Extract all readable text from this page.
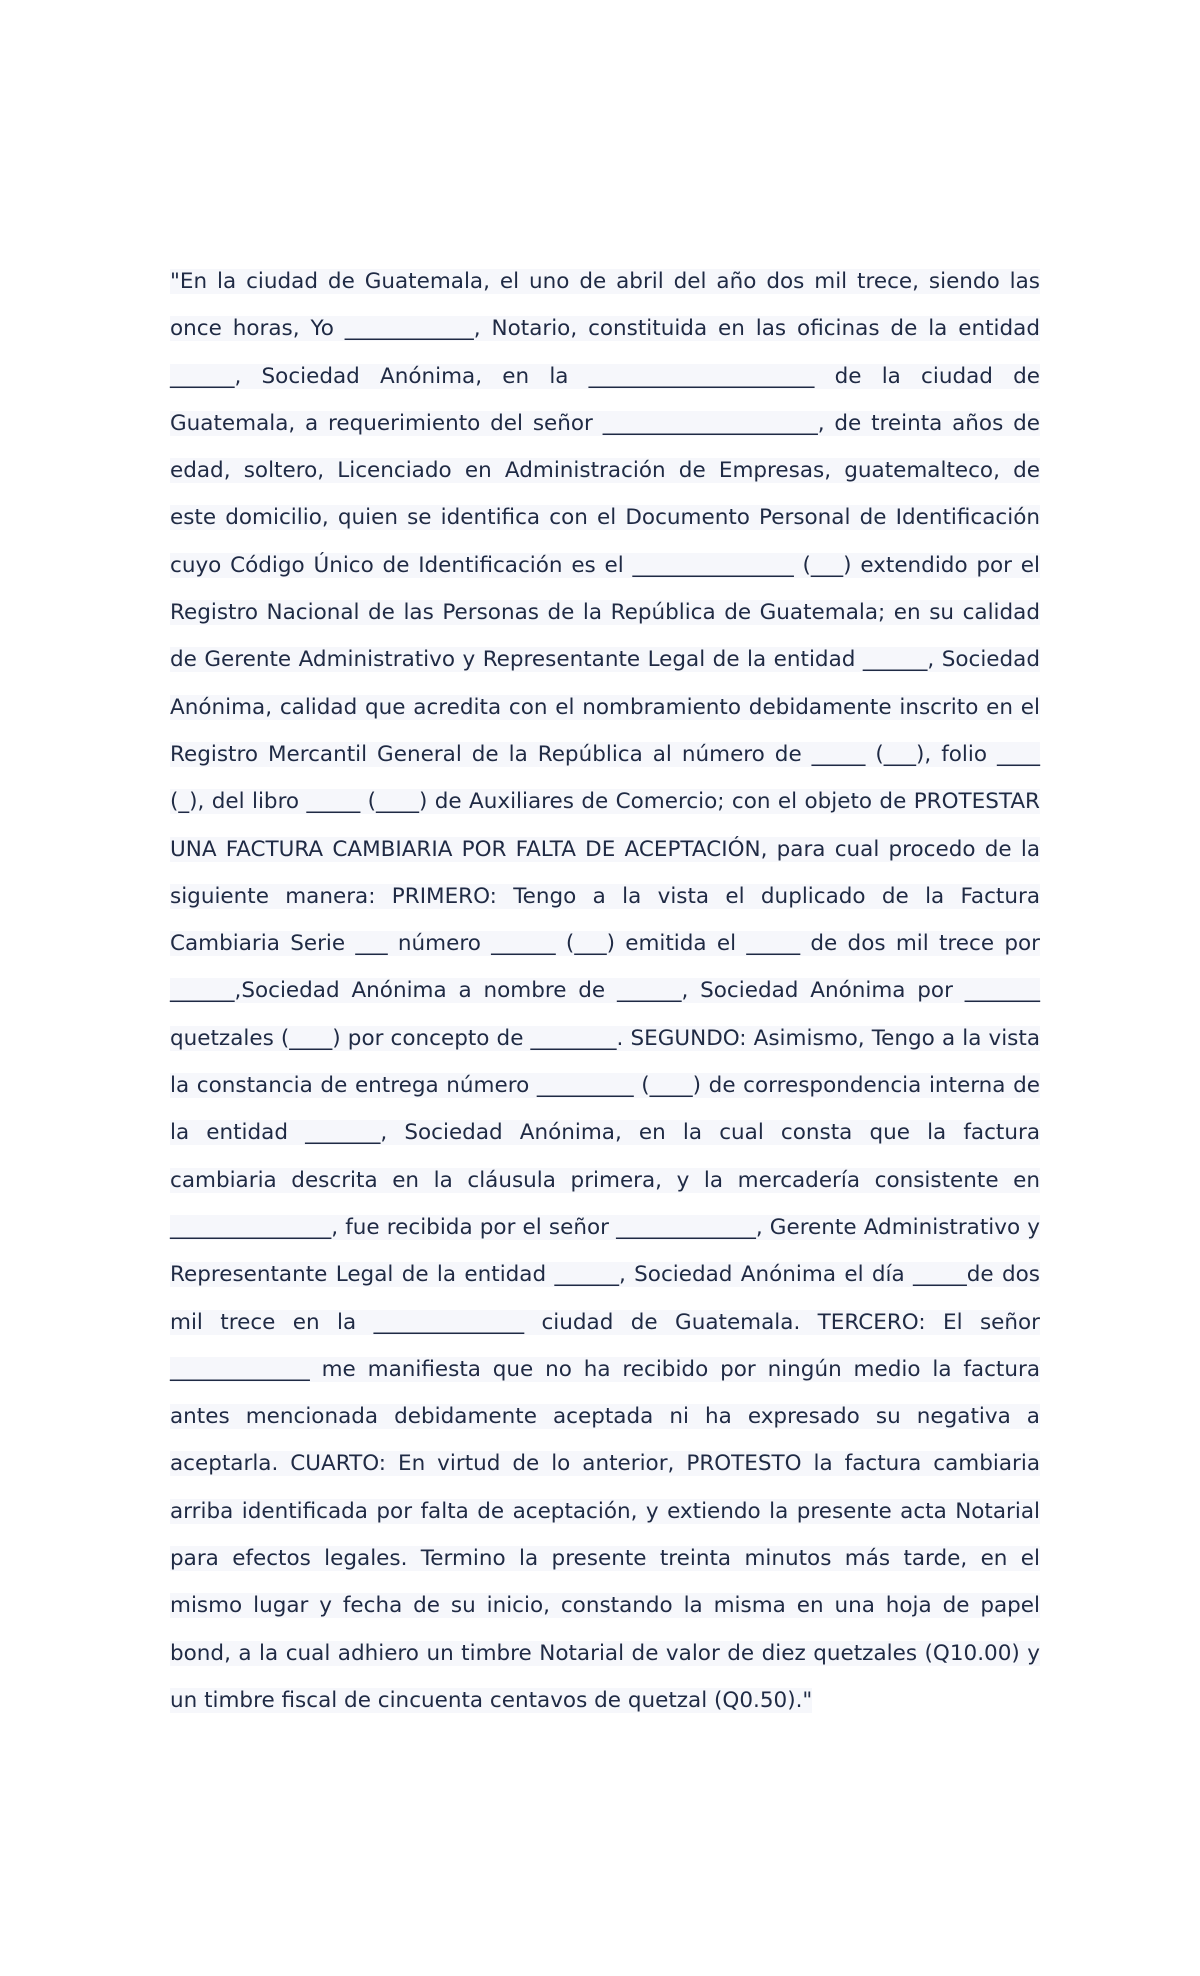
"En la ciudad de Guatemala, el uno de abril del año dos mil trece, siendo las once horas, Yo ____________, Notario, constituida en las oficinas de la entidad ______, Sociedad Anónima, en la _____________________ de la ciudad de Guatemala, a requerimiento del señor ____________________, de treinta años de edad, soltero, Licenciado en Administración de Empresas, guatemalteco, de este domicilio, quien se identifica con el Documento Personal de Identificación cuyo Código Único de Identificación es el _______________ (___) extendido por el Registro Nacional de las Personas de la República de Guatemala; en su calidad de Gerente Administrativo y Representante Legal de la entidad ______, Sociedad Anónima, calidad que acredita con el nombramiento debidamente inscrito en el Registro Mercantil General de la República al número de _____ (___), folio ____ (_), del libro _____ (____) de Auxiliares de Comercio; con el objeto de PROTESTAR UNA FACTURA CAMBIARIA POR FALTA DE ACEPTACIÓN, para cual procedo de la siguiente manera: PRIMERO: Tengo a la vista el duplicado de la Factura Cambiaria Serie ___ número ______ (___) emitida el _____ de dos mil trece por ______,Sociedad Anónima a nombre de ______, Sociedad Anónima por _______ quetzales (____) por concepto de ________. SEGUNDO: Asimismo, Tengo a la vista la constancia de entrega número _________ (____) de correspondencia interna de la entidad _______, Sociedad Anónima, en la cual consta que la factura cambiaria descrita en la cláusula primera, y la mercadería consistente en _______________, fue recibida por el señor _____________, Gerente Administrativo y Representante Legal de la entidad ______, Sociedad Anónima el día _____de dos mil trece en la ______________ ciudad de Guatemala. TERCERO: El señor _____________ me manifiesta que no ha recibido por ningún medio la factura antes mencionada debidamente aceptada ni ha expresado su negativa a aceptarla. CUARTO: En virtud de lo anterior, PROTESTO la factura cambiaria arriba identificada por falta de aceptación, y extiendo la presente acta Notarial para efectos legales. Termino la presente treinta minutos más tarde, en el mismo lugar y fecha de su inicio, constando la misma en una hoja de papel bond, a la cual adhiero un timbre Notarial de valor de diez quetzales (Q10.00) y un timbre fiscal de cincuenta centavos de quetzal (Q0.50)."
